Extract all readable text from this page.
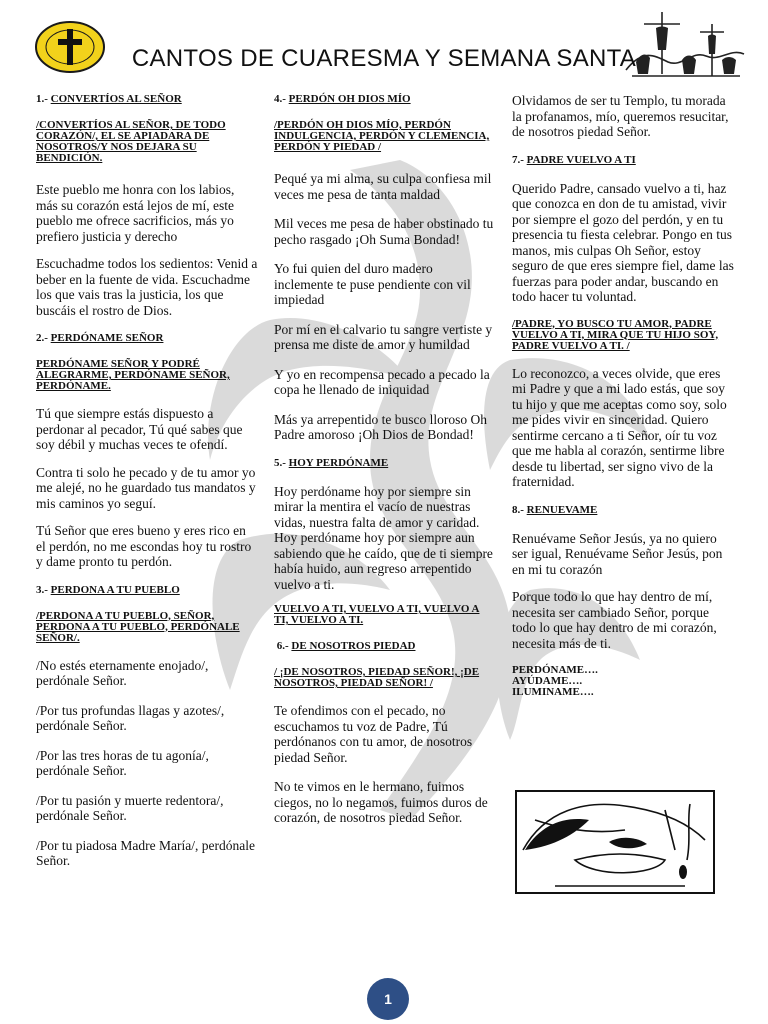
CANTOS DE CUARESMA Y SEMANA SANTA

1.- CONVERTÍOS AL SEÑOR

/CONVERTÍOS AL SEÑOR, DE TODO CORAZÓN/, EL SE APIADARA DE NOSOTROS/Y NOS DEJARA SU BENDICIÓN.

Este pueblo me honra con los labios, más su corazón está lejos de mí, este pueblo me ofrece sacrificios, más yo prefiero justicia y derecho

Escuchadme todos los sedientos: Venid a beber en la fuente de vida. Escuchadme los que vais tras la justicia, los que buscáis el rostro de Dios.

2.- PERDÓNAME SEÑOR

PERDÓNAME SEÑOR Y PODRÉ ALEGRARME, PERDÓNAME SEÑOR, PERDÓNAME.

Tú que siempre estás dispuesto a perdonar al pecador, Tú qué sabes que soy débil y muchas veces te ofendí.

Contra ti solo he pecado y de tu amor yo me alejé, no he guardado tus mandatos y mis caminos yo seguí.

Tú Señor que eres bueno y eres rico en el perdón, no me escondas hoy tu rostro y dame pronto tu perdón.

3.- PERDONA A TU PUEBLO

/PERDONA A TU PUEBLO, SEÑOR, PERDONA A TU PUEBLO, PERDÓNALE SEÑOR/.

/No estés eternamente enojado/, perdónale Señor.

/Por tus profundas llagas y azotes/, perdónale Señor.

/Por las tres horas de tu agonía/, perdónale Señor.

/Por tu pasión y muerte redentora/, perdónale Señor.

/Por tu piadosa Madre María/, perdónale Señor.

4.- PERDÓN OH DIOS MÍO

/PERDÓN OH DIOS MÍO, PERDÓN INDULGENCIA, PERDÓN Y CLEMENCIA, PERDÓN Y PIEDAD /

Pequé ya mi alma, su culpa confiesa mil veces me pesa de tanta maldad

Mil veces me pesa de haber obstinado tu pecho rasgado ¡Oh Suma Bondad!

Yo fui quien del duro madero inclemente te puse pendiente con vil impiedad

Por mí en el calvario tu sangre vertiste y prensa me diste de amor y humildad

Y yo en recompensa pecado a pecado la copa he llenado de iniquidad

Más ya arrepentido te busco lloroso Oh Padre amoroso ¡Oh Dios de Bondad!

5.- HOY PERDÓNAME

Hoy perdóname hoy por siempre sin mirar la mentira el vacío de nuestras vidas, nuestra falta de amor y caridad. Hoy perdóname hoy por siempre aun sabiendo que he caído, que de ti siempre había huido, aun regreso arrepentido vuelvo a ti.

VUELVO A TI, VUELVO A TI, VUELVO A TI, VUELVO A TI.

6.- DE NOSOTROS PIEDAD

/ ¡DE NOSOTROS, PIEDAD SEÑOR!, ¡DE NOSOTROS, PIEDAD SEÑOR! /

Te ofendimos con el pecado, no escuchamos tu voz de Padre, Tú perdónanos con tu amor, de nosotros piedad Señor.

No te vimos en le hermano, fuimos ciegos, no lo negamos, fuimos duros de corazón, de nosotros piedad Señor.

Olvidamos de ser tu Templo, tu morada la profanamos, mío, queremos resucitar, de nosotros piedad Señor.

7.- PADRE VUELVO A TI

Querido Padre, cansado vuelvo a ti, haz que conozca en don de tu amistad, vivir por siempre el gozo del perdón, y en tu presencia tu fiesta celebrar. Pongo en tus manos, mis culpas Oh Señor, estoy seguro de que eres siempre fiel, dame las fuerzas para poder andar, buscando en todo hacer tu voluntad.

/PADRE, YO BUSCO TU AMOR, PADRE VUELVO A TI, MIRA QUE TU HIJO SOY, PADRE VUELVO A TI. /

Lo reconozco, a veces olvide, que eres mi Padre y que a mi lado estás, que soy tu hijo y que me aceptas como soy, solo me pides vivir en sinceridad. Quiero sentirme cercano a ti Señor, oír tu voz que me habla al corazón, sentirme libre desde tu libertad, ser signo vivo de la fraternidad.

8.- RENUEVAME

Renuévame Señor Jesús, ya no quiero ser igual, Renuévame Señor Jesús, pon en mi tu corazón

Porque todo lo que hay dentro de mí, necesita ser cambiado Señor, porque todo lo que hay dentro de mi corazón, necesita más de ti.

PERDÓNAME….

AYÚDAME….

ILUMINAME….

1
